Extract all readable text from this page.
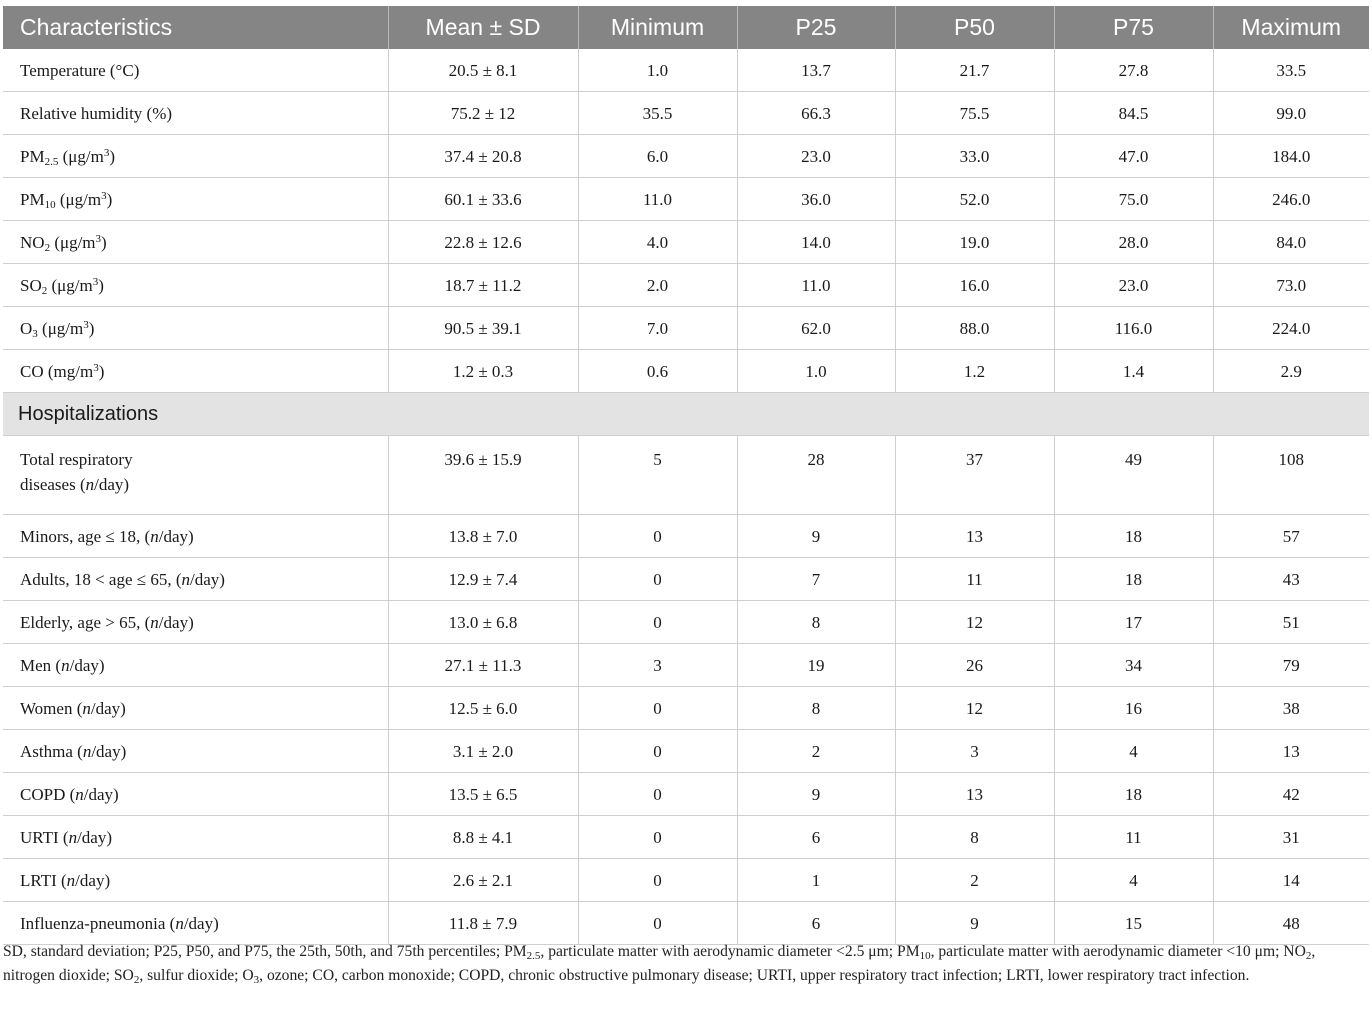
Characteristics	Mean ± SD	Minimum	P25	P50	P75	Maximum
Temperature (°C)	20.5 ± 8.1	1.0	13.7	21.7	27.8	33.5
Relative humidity (%)	75.2 ± 12	35.5	66.3	75.5	84.5	99.0
$PM_{2.5}$ $(\mu g/m^3)$	37.4 ± 20.8	6.0	23.0	33.0	47.0	184.0
$PM_{10}$ $(\mu g/m^3)$	60.1 ± 33.6	11.0	36.0	52.0	75.0	246.0
$NO_2$ $(\mu g/m^3)$	22.8 ± 12.6	4.0	14.0	19.0	28.0	84.0
$SO_2$ $(\mu g/m^3)$	18.7 ± 11.2	2.0	11.0	16.0	23.0	73.0
$O_3$ $(\mu g/m^3)$	90.5 ± 39.1	7.0	62.0	88.0	116.0	224.0
CO $(mg/m^3)$	1.2 ± 0.3	0.6	1.0	1.2	1.4	2.9
Hospitalizations						
Total respiratory
diseases (n/day)	39.6 ± 15.9	5	28	37	49	108
Minors, age ≤ 18, (n/day)	13.8 ± 7.0	0	9	13	18	57
Adults, 18 < age ≤ 65, (n/day)	12.9 ± 7.4	0	7	11	18	43
Elderly, age > 65, (n/day)	13.0 ± 6.8	0	8	12	17	51
Men (n/day)	27.1 ± 11.3	3	19	26	34	79
Women (n/day)	12.5 ± 6.0	0	8	12	16	38
Asthma (n/day)	3.1 ± 2.0	0	2	3	4	13
COPD (n/day)	13.5 ± 6.5	0	9	13	18	42
URTI (n/day)	8.8 ± 4.1	0	6	8	11	31
LRTI (n/day)	2.6 ± 2.1	0	1	2	4	14
Influenza-pneumonia (n/day)	11.8 ± 7.9	0	6	9	15	48
SD, standard deviation; P25, P50, and P75, the 25th, 50th, and 75th percentiles; $PM_{2.5}$, particulate matter with aerodynamic diameter <2.5 μm; $PM_{10}$, particulate matter with aerodynamic diameter <10 μm; $NO_2$, nitrogen dioxide; $SO_2$, sulfur dioxide; $O_3$, ozone; CO, carbon monoxide; COPD, chronic obstructive pulmonary disease; URTI, upper respiratory tract infection; LRTI, lower respiratory tract infection.
